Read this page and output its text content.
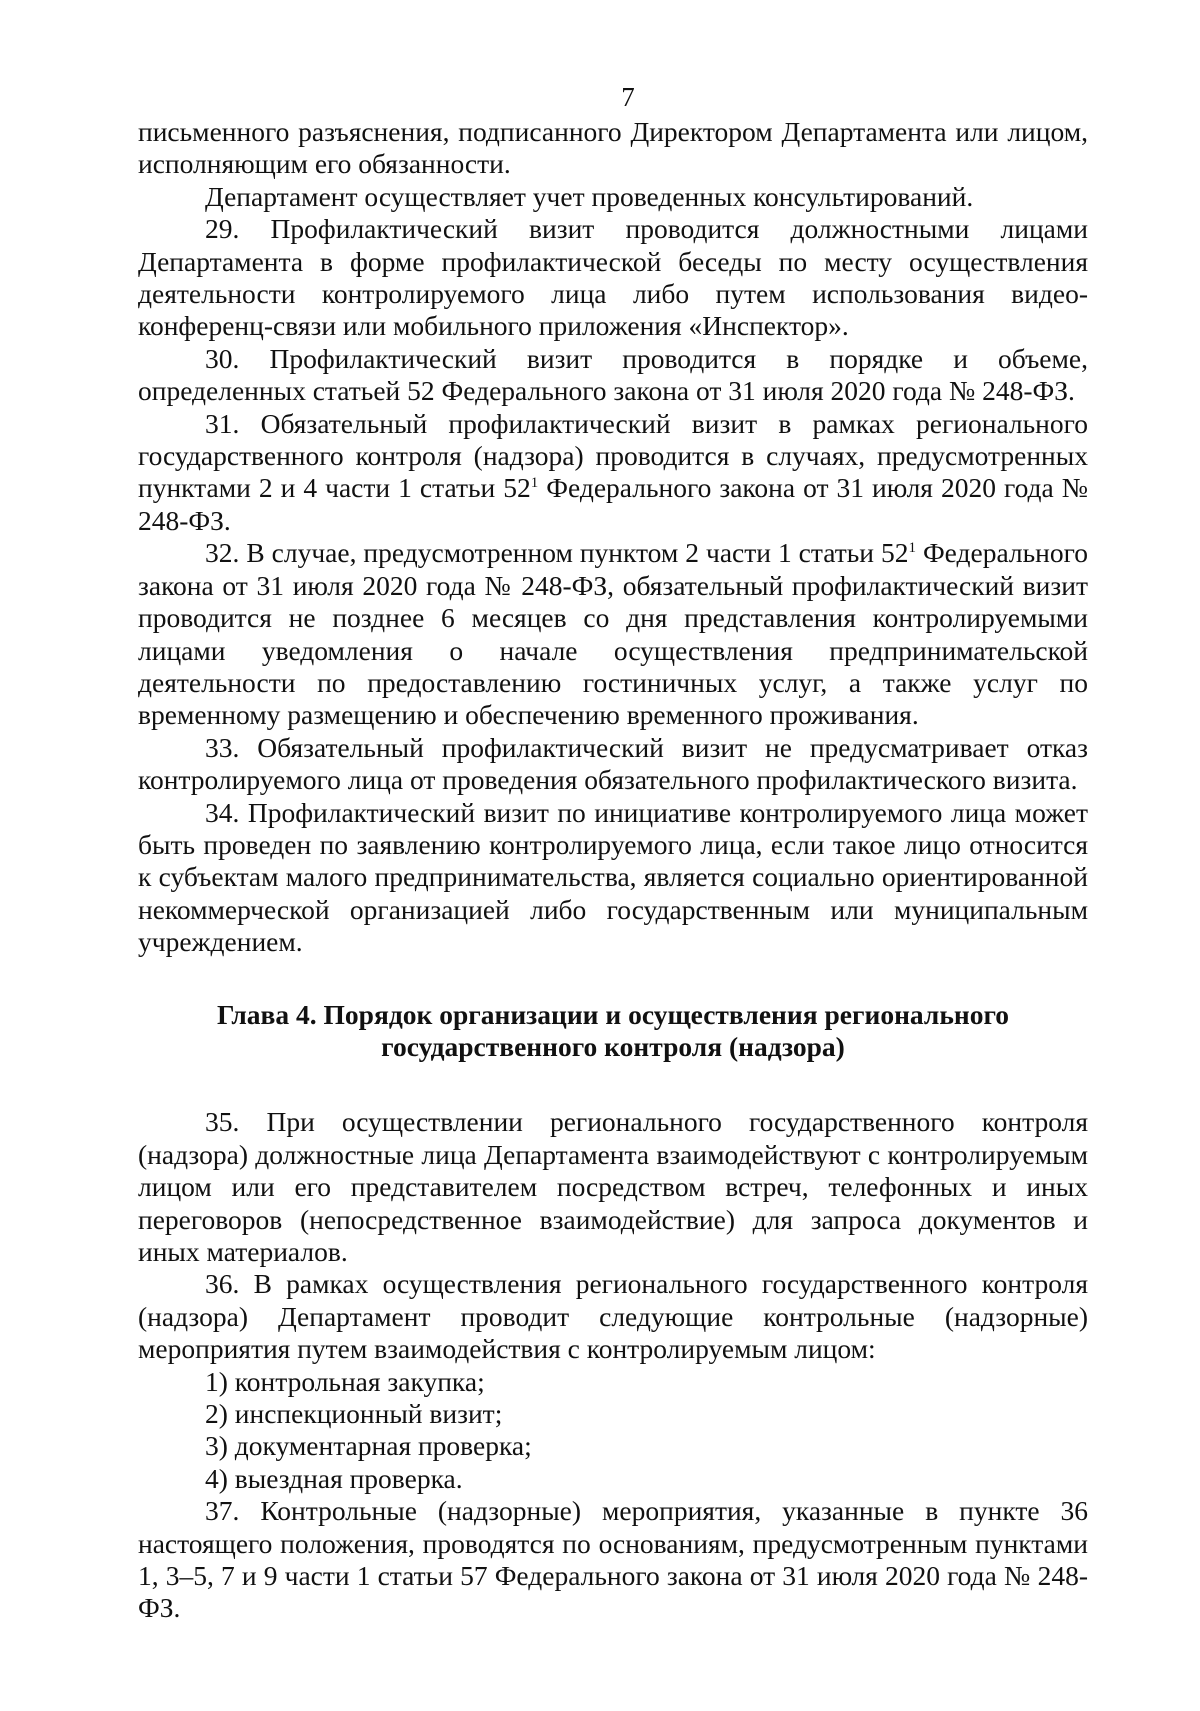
7

письменного разъяснения, подписанного Директором Департамента или лицом, исполняющим его обязанности.

Департамент осуществляет учет проведенных консультирований.

29. Профилактический визит проводится должностными лицами Департамента в форме профилактической беседы по месту осуществления деятельности контролируемого лица либо путем использования видео-конференц-связи или мобильного приложения «Инспектор».

30. Профилактический визит проводится в порядке и объеме, определенных статьей 52 Федерального закона от 31 июля 2020 года № 248-ФЗ.

31. Обязательный профилактический визит в рамках регионального государственного контроля (надзора) проводится в случаях, предусмотренных пунктами 2 и 4 части 1 статьи $52^1$ Федерального закона от 31 июля 2020 года № 248-ФЗ.

32. В случае, предусмотренном пунктом 2 части 1 статьи $52^1$ Федерального закона от 31 июля 2020 года № 248-ФЗ, обязательный профилактический визит проводится не позднее 6 месяцев со дня представления контролируемыми лицами уведомления о начале осуществления предпринимательской деятельности по предоставлению гостиничных услуг, а также услуг по временному размещению и обеспечению временного проживания.

33. Обязательный профилактический визит не предусматривает отказ контролируемого лица от проведения обязательного профилактического визита.

34. Профилактический визит по инициативе контролируемого лица может быть проведен по заявлению контролируемого лица, если такое лицо относится к субъектам малого предпринимательства, является социально ориентированной некоммерческой организацией либо государственным или муниципальным учреждением.

Глава 4. Порядок организации и осуществления регионального
государственного контроля (надзора)

35. При осуществлении регионального государственного контроля (надзора) должностные лица Департамента взаимодействуют с контролируемым лицом или его представителем посредством встреч, телефонных и иных переговоров (непосредственное взаимодействие) для запроса документов и иных материалов.

36. В рамках осуществления регионального государственного контроля (надзора) Департамент проводит следующие контрольные (надзорные) мероприятия путем взаимодействия с контролируемым лицом:

1) контрольная закупка;

2) инспекционный визит;

3) документарная проверка;

4) выездная проверка.

37. Контрольные (надзорные) мероприятия, указанные в пункте 36 настоящего положения, проводятся по основаниям, предусмотренным пунктами 1, 3–5, 7 и 9 части 1 статьи 57 Федерального закона от 31 июля 2020 года № 248-ФЗ.
